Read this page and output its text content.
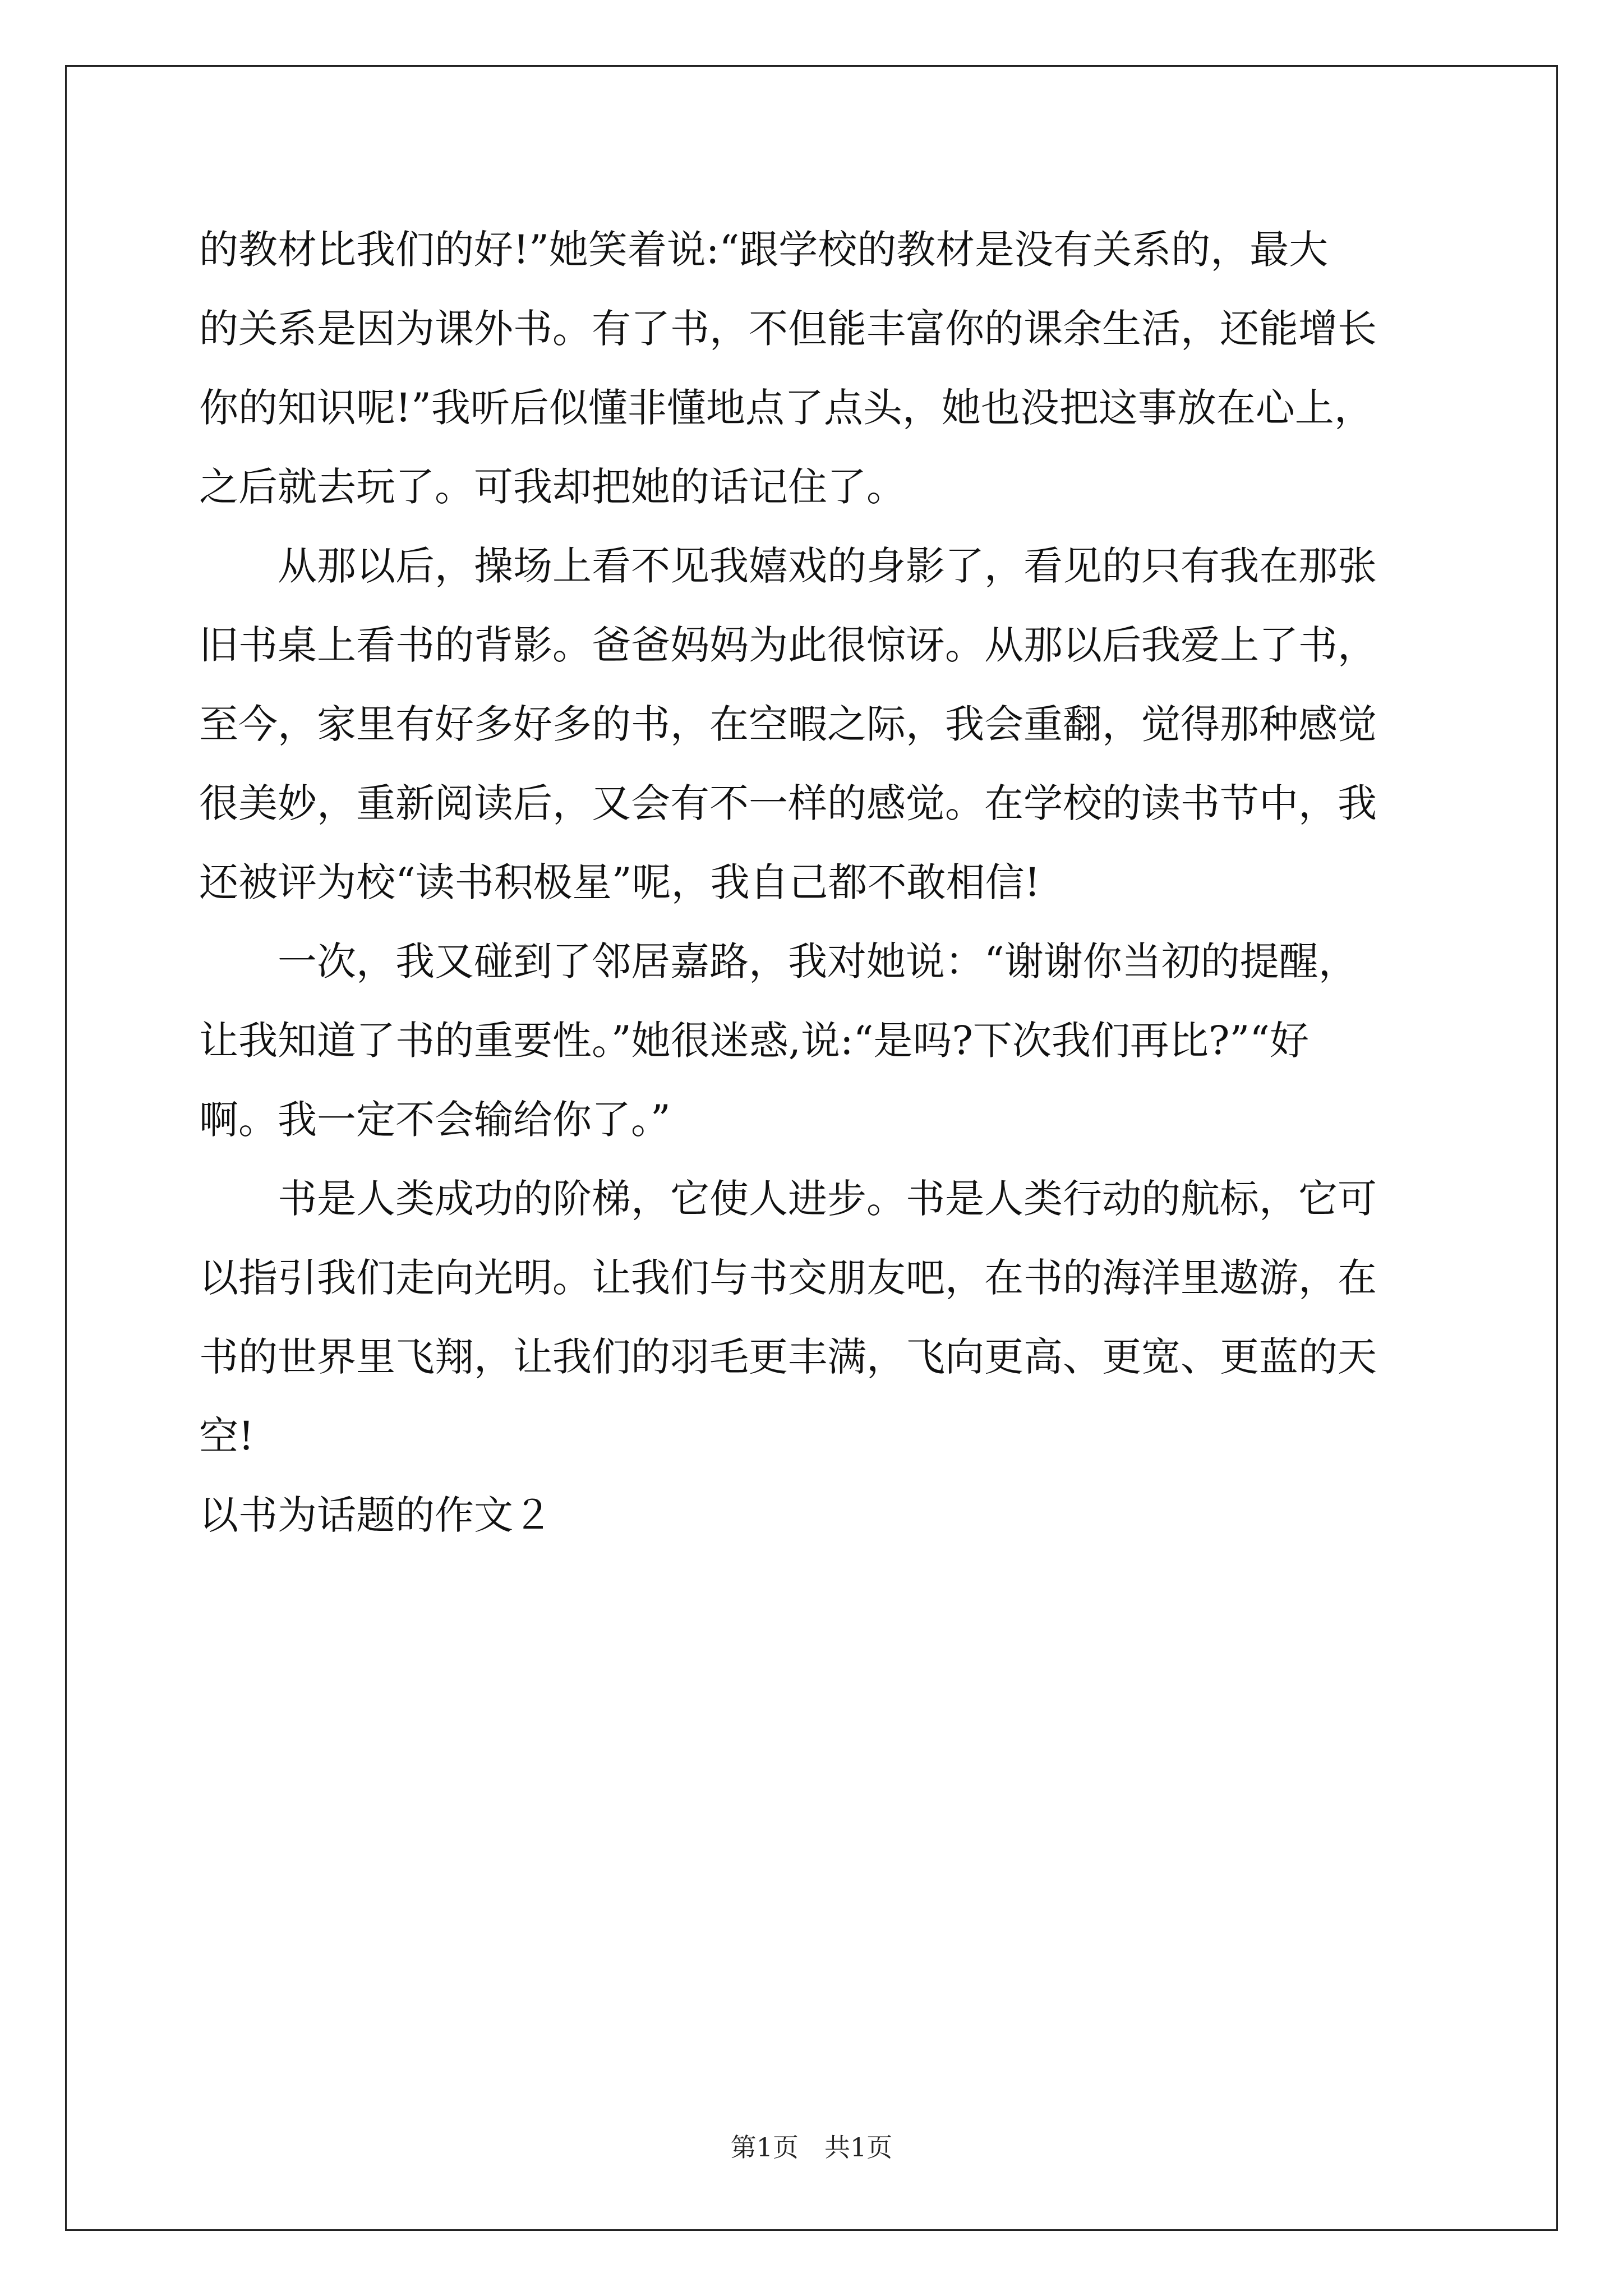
的教材比我们的好!”她笑着说:“跟学校的教材是没有关系的，最大
的关系是因为课外书。有了书，不但能丰富你的课余生活，还能增长
你的知识呢!”我听后似懂非懂地点了点头，她也没把这事放在心上，
之后就去玩了。可我却把她的话记住了。
从那以后，操场上看不见我嬉戏的身影了，看见的只有我在那张
旧书桌上看书的背影。爸爸妈妈为此很惊讶。从那以后我爱上了书，
至今，家里有好多好多的书，在空暇之际，我会重翻，觉得那种感觉
很美妙，重新阅读后，又会有不一样的感觉。在学校的读书节中，我
还被评为校“读书积极星”呢，我自己都不敢相信!
一次，我又碰到了邻居嘉路，我对她说：“谢谢你当初的提醒，
让我知道了书的重要性。”她很迷惑,说:“是吗?下次我们再比?”“好
啊。我一定不会输给你了。”
书是人类成功的阶梯，它使人进步。书是人类行动的航标，它可
以指引我们走向光明。让我们与书交朋友吧，在书的海洋里遨游，在
书的世界里飞翔，让我们的羽毛更丰满，飞向更高、更宽、更蓝的天
空!
以书为话题的作文２
第1页　共1页
